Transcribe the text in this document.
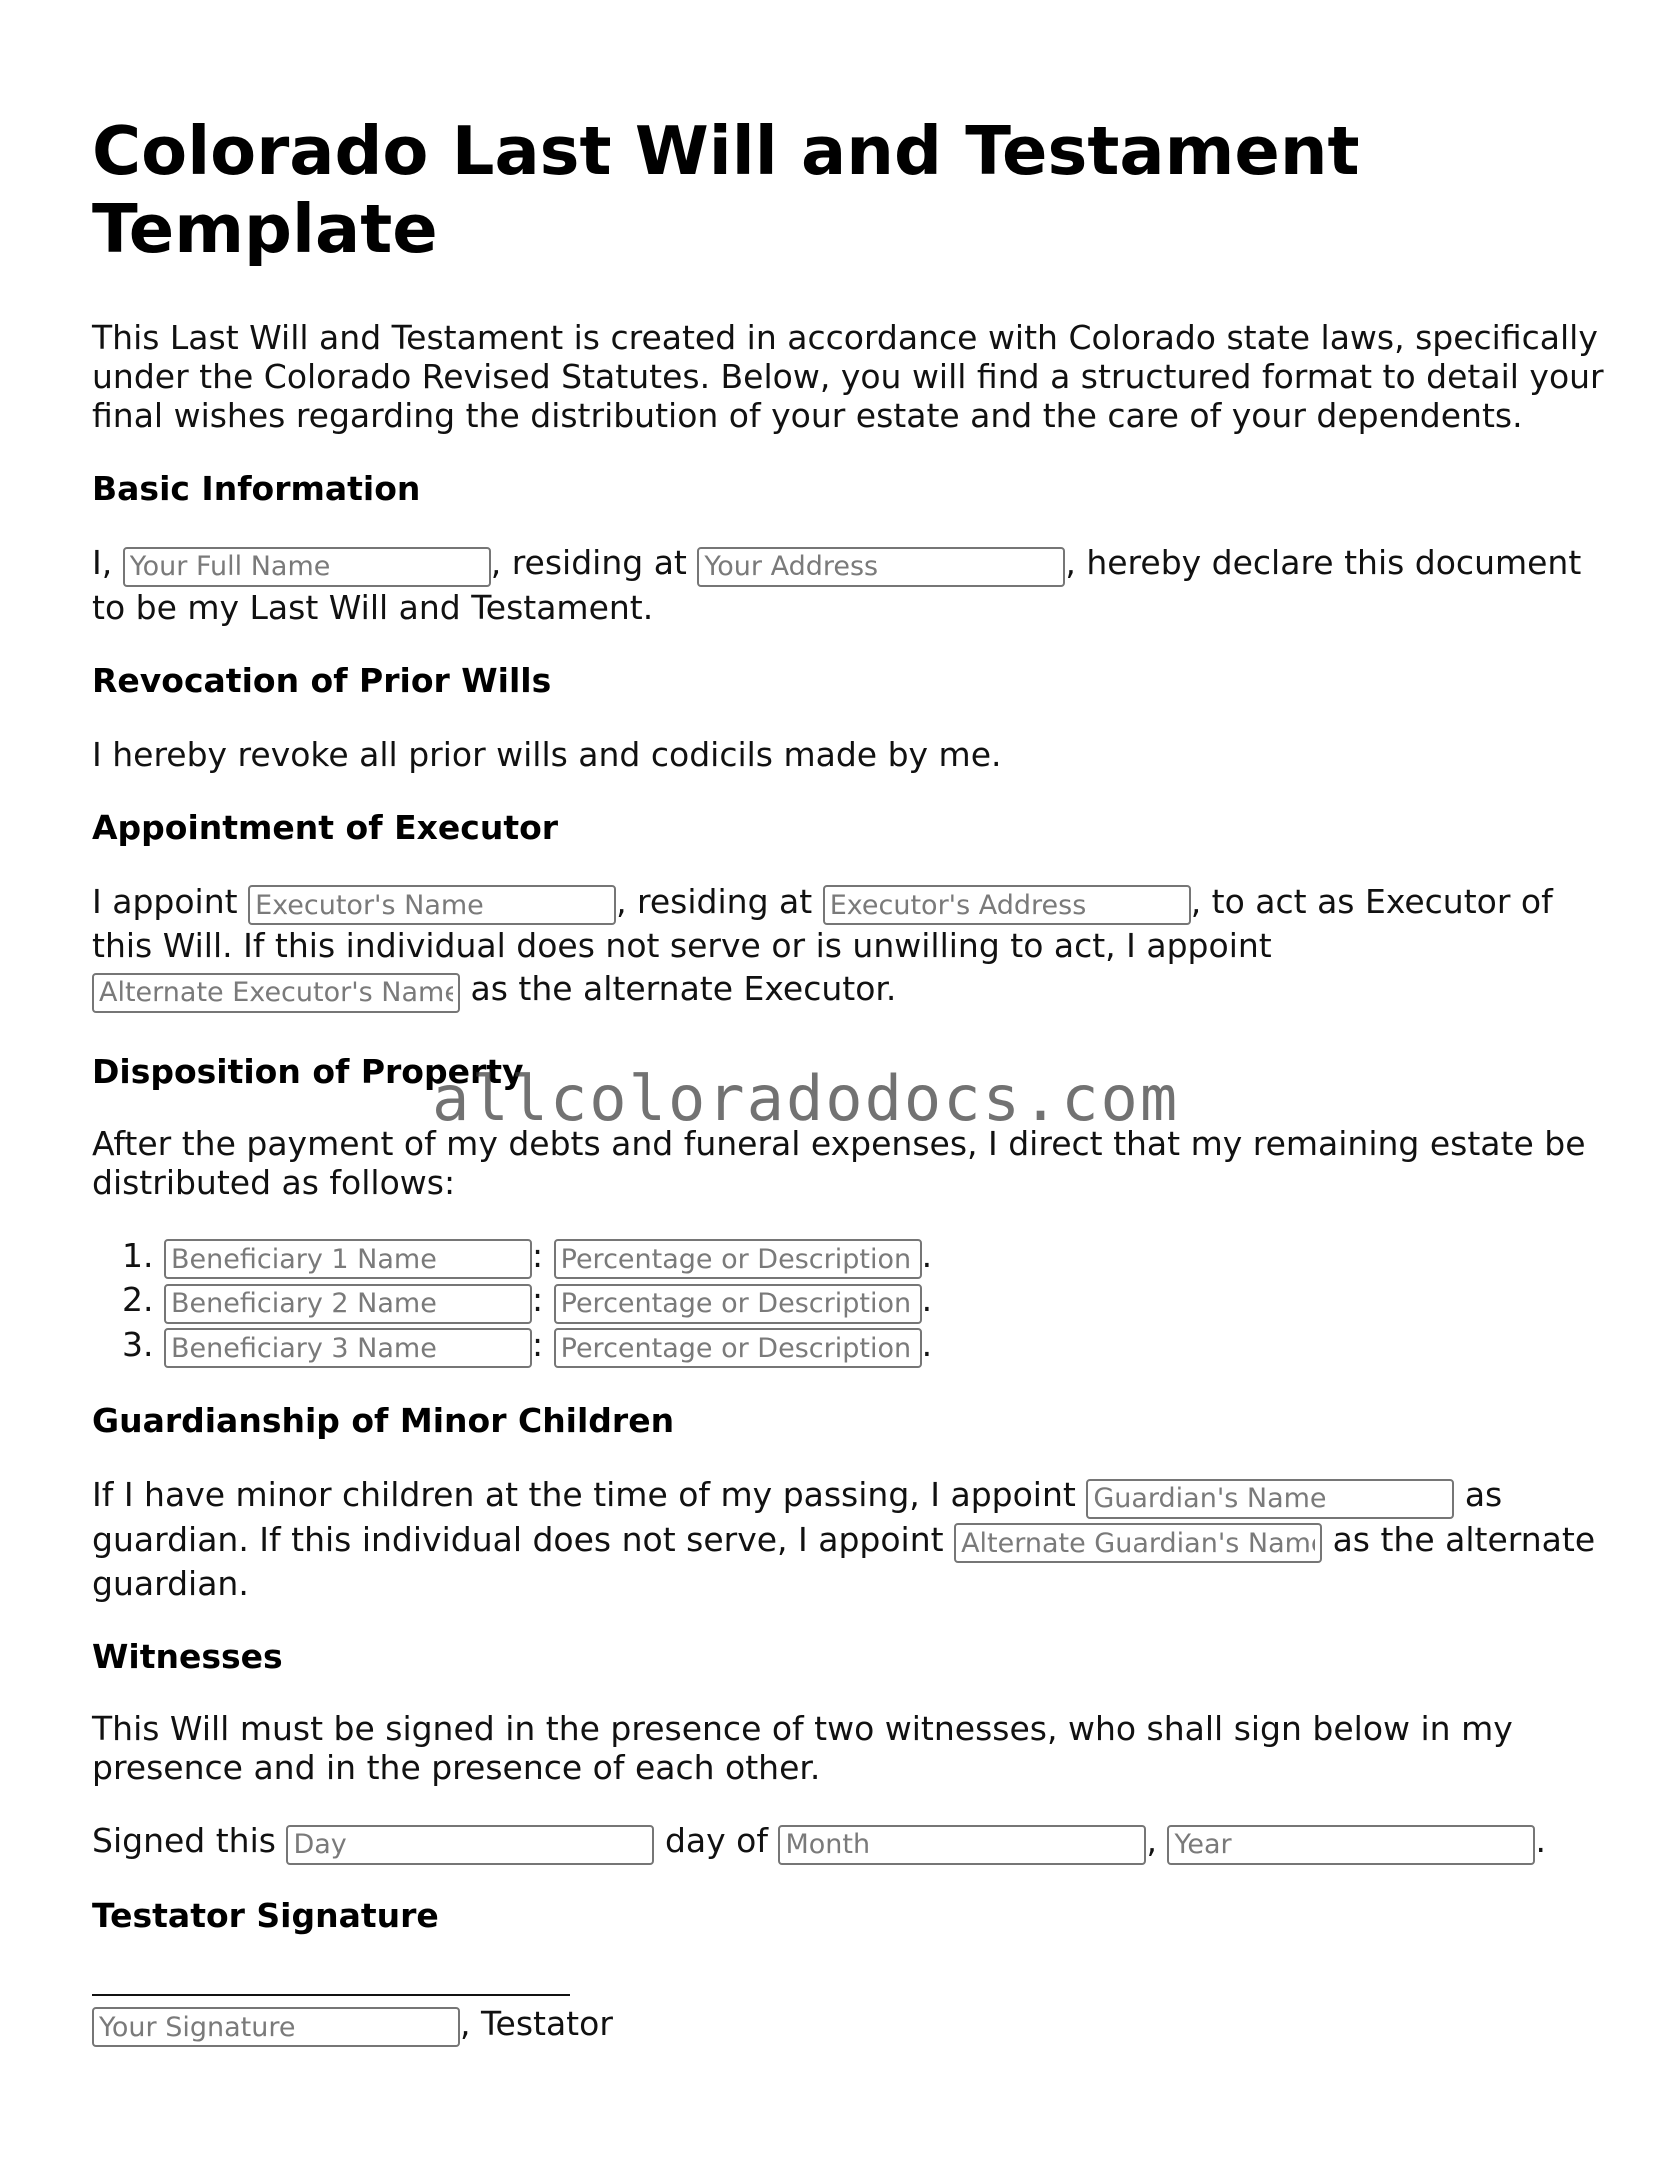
Colorado Last Will and Testament Template

This Last Will and Testament is created in accordance with Colorado state laws, specifically under the Colorado Revised Statutes. Below, you will find a structured format to detail your final wishes regarding the distribution of your estate and the care of your dependents.

Basic Information

I, Your Full Name	, residing at Your Address	, hereby declare this document to be my Last Will and Testament.

Revocation of Prior Wills

I hereby revoke all prior wills and codicils made by me.

Appointment of Executor

I appoint Executor's Name	, residing at Executor's Address	, to act as Executor of this Will. If this individual does not serve or is unwilling to act, I appoint Alternate Executor's Name as the alternate Executor.

Disposition of Property

After the payment of my debts and funeral expenses, I direct that my remaining estate be distributed as follows:

Beneficiary 1 Name 1. : Percentage or Description	.
Beneficiary 2 Name 2. : Percentage or Description	.
Beneficiary 3 Name 3. : Percentage or Description	.
Guardianship of Minor Children

If I have minor children at the time of my passing, I appoint Guardian's Name	as guardian. If this individual does not serve, I appoint Alternate Guardian's Name	as the alternate guardian.

Witnesses

This Will must be signed in the presence of two witnesses, who shall sign below in my presence and in the presence of each other.

Signed this Day	day of Month	, Year	.

Testator Signature

Your Signature, Testator

allcoloradodocs.com
